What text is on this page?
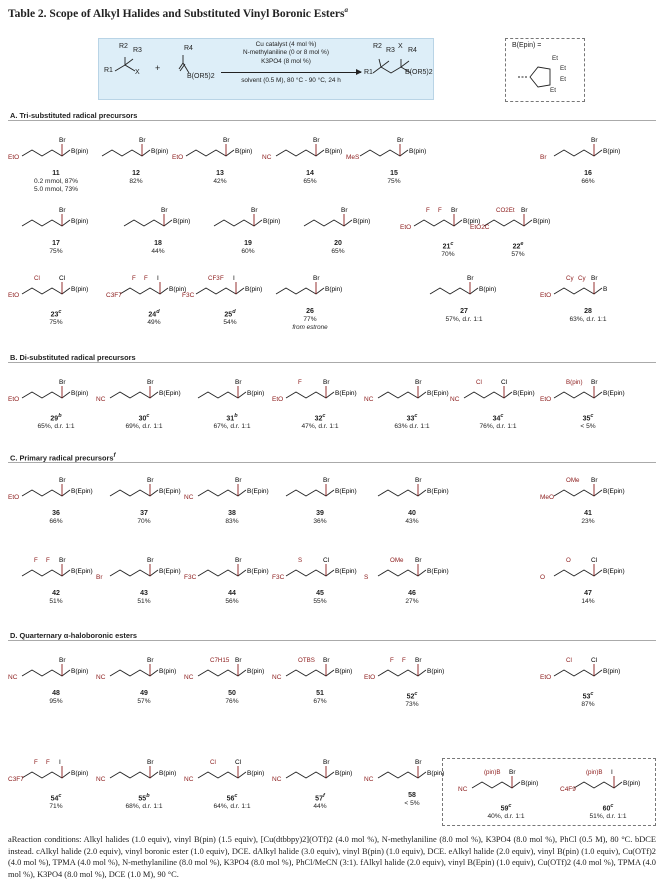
Table 2. Scope of Alkyl Halides and Substituted Vinyl Boronic Esters$^a$
R2
R3
R1	X +
R4
B(OR5)2
Cu catalyst (4 mol %)
N-methylaniline (0 or 8 mol %)
K3PO4 (8 mol %)
solvent (0.5 M), 80 °C - 90 °C, 24 h
R2
R3
X
R4
R1	B(OR5)2
B(Epin) =
Et
Et
Et
Et
A. Tri-substituted radical precursors
B. Di-substituted radical precursors
C. Primary radical precursors$^f$
D. Quarternary α-haloboronic esters
Br
B(pin)
EtO
11
0.2 mmol, 87%
5.0 mmol, 73%
Br
B(pin)
12
82%
Br
B(pin)
EtO
13
42%
Br
B(pin)
NC
14
65%
Br
B(pin)
MeS
15
75%
Br
B(pin)
Br
16
66%
Br
B(pin)
17
75%
Br
B(pin)
18
44%
Br
B(pin)
19
60%
Br
B(pin)
20
65%
Br
B(pin)
EtO
F F
21$^c$
70%
Br
B(pin)
EtO2C
CO2Et
22e
57%
Cl
B(pin)
EtO
Cl
23$^c$
75%
I
B(pin)
C3F7
F F
24$^d$
49%
I
B(pin)
F3C
CF3 F
25$^d$
54%
Br
B(pin)
26
77%
from estrone
Br
B(pin)
27
57%, d.r. 1:1
Br
B
EtO
Cy Cy
28
63%, d.r. 1:1
Br
B(pin)
EtO
29$^b$
65%, d.r. 1:1
Br
B(Epin)
NC
30$^c$
69%, d.r. 1:1
Br
B(pin)
31$^b$
67%, d.r. 1:1
Br
B(Epin)
EtO
F
32$^c$
47%, d.r. 1:1
Br
B(Epin)
NC
33$^c$
63% d.r. 1:1
Cl
B(Epin)
NC
Cl
34$^c$
76%, d.r. 1:1
Br
B(Epin)
EtO
B(pin)
$35^c$
< 5%
Br
B(Epin)
EtO
36
66%
Br
B(Epin)
37
70%
Br
B(Epin)
NC
38
83%
Br
B(Epin)
39
36%
Br
B(Epin)
40
43%
Br
B(Epin)
MeO
OMe
41
23%
Br
B(Epin)
F F
42
51%
Br
B(Epin)
Br
43
51%
Br
B(Epin)
F3C
44
56%
Cl
B(Epin)
F3C
S
45
55%
Br
B(Epin)
S
OMe
46
27%
Cl
B(Epin)
O
O
47
14%
Br
B(pin)
NC
48
95%
Br
B(pin)
NC
49
57%
Br
B(pin)
NC
C7H15
50
76%
Br
B(pin)
NC
OTBS
51
67%
Br
B(pin)
EtO
F F
52$^c$
73%
Cl
B(pin)
EtO
Cl
53$^c$
87%
I
B(pin)
C3F7
F F
54$^c$
71%
Br
B(pin)
NC
55$^b$
68%, d.r. 1:1
Cl
B(pin)
NC
Cl
56$^c$
64%, d.r. 1:1
Br
B(pin)
NC
57$^f$
44%
Br
B(pin)
NC
58
< 5%
Br
B(pin)
NC
(pin)B
59$^c$
40%, d.r. 1:1
I
B(pin)
C4F9
(pin)B
60$^c$
51%, d.r. 1:1
aReaction conditions: Alkyl halides (1.0 equiv), vinyl B(pin) (1.5 equiv), [Cu(dtbbpy)2](OTf)2 (4.0 mol %), N-methylaniline (8.0 mol %), K3PO4 (8.0 mol %), PhCl (0.5 M), 80 °C. bDCE instead. cAlkyl halide (2.0 equiv), vinyl boronic ester (1.0 equiv), DCE. dAlkyl halide (3.0 equiv), vinyl B(pin) (1.0 equiv), DCE. eAlkyl halide (2.0 equiv), vinyl B(pin) (1.0 equiv), Cu(OTf)2 (4.0 mol %), TPMA (4.0 mol %), N-methylaniline (8.0 mol %), K3PO4 (8.0 mol %), PhCl/MeCN (3:1). fAlkyl halide (2.0 equiv), vinyl B(Epin) (1.0 equiv), Cu(OTf)2 (4.0 mol %), TPMA (4.0 mol %), K3PO4 (8.0 mol %), DCE (1.0 M), 90 °C.
